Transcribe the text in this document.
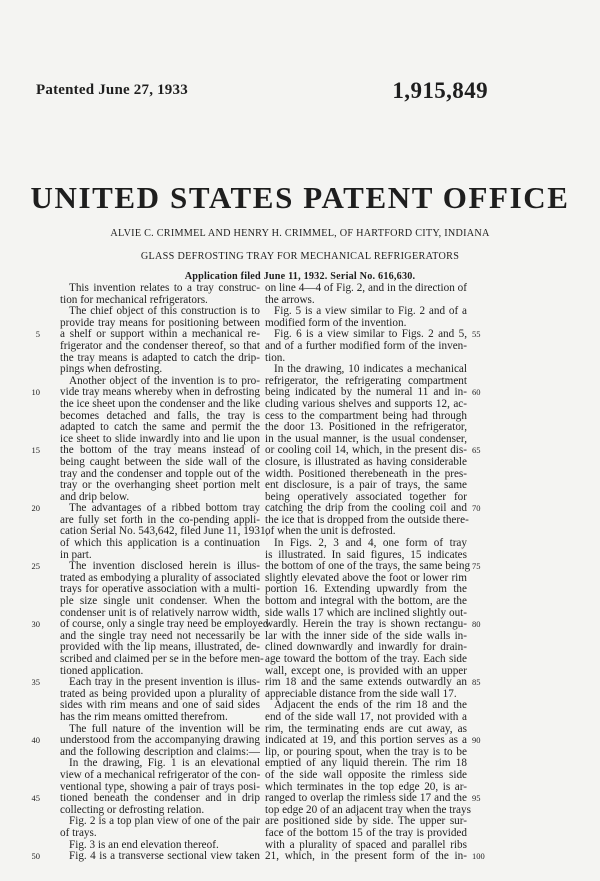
Patented June 27, 1933	1,915,849
UNITED STATES PATENT OFFICE
ALVIE C. CRIMMEL AND HENRY H. CRIMMEL, OF HARTFORD CITY, INDIANA
GLASS DEFROSTING TRAY FOR MECHANICAL REFRIGERATORS
Application filed June 11, 1932. Serial No. 616,630.
This invention relates to a tray construc-
tion for mechanical refrigerators.
The chief object of this construction is to
provide tray means for positioning between
a shelf or support within a mechanical re-
frigerator and the condenser thereof, so that
the tray means is adapted to catch the drip-
pings when defrosting.
Another object of the invention is to pro-
vide tray means whereby when in defrosting
the ice sheet upon the condenser and the like
becomes detached and falls, the tray is
adapted to catch the same and permit the
ice sheet to slide inwardly into and lie upon
the bottom of the tray means instead of
being caught between the side wall of the
tray and the condenser and topple out of the
tray or the overhanging sheet portion melt
and drip below.
The advantages of a ribbed bottom tray
are fully set forth in the co-pending appli-
cation Serial No. 543,642, filed June 11, 1931,
of which this application is a continuation
in part.
The invention disclosed herein is illus-
trated as embodying a plurality of associated
trays for operative association with a multi-
ple size single unit condenser. When the
condenser unit is of relatively narrow width,
of course, only a single tray need be employed
and the single tray need not necessarily be
provided with the lip means, illustrated, de-
scribed and claimed per se in the before men-
tioned application.
Each tray in the present invention is illus-
trated as being provided upon a plurality of
sides with rim means and one of said sides
has the rim means omitted therefrom.
The full nature of the invention will be
understood from the accompanying drawing
and the following description and claims:—
In the drawing, Fig. 1 is an elevational
view of a mechanical refrigerator of the con-
ventional type, showing a pair of trays posi-
tioned beneath the condenser and in drip
collecting or defrosting relation.
Fig. 2 is a top plan view of one of the pair
of trays.
Fig. 3 is an end elevation thereof.
Fig. 4 is a transverse sectional view taken
on line 4—4 of Fig. 2, and in the direction of
the arrows.
Fig. 5 is a view similar to Fig. 2 and of a
modified form of the invention.
Fig. 6 is a view similar to Figs. 2 and 5,
and of a further modified form of the inven-
tion.
In the drawing, 10 indicates a mechanical
refrigerator, the refrigerating compartment
being indicated by the numeral 11 and in-
cluding various shelves and supports 12, ac-
cess to the compartment being had through
the door 13. Positioned in the refrigerator,
in the usual manner, is the usual condenser,
or cooling coil 14, which, in the present dis-
closure, is illustrated as having considerable
width. Positioned therebeneath in the pres-
ent disclosure, is a pair of trays, the same
being operatively associated together for
catching the drip from the cooling coil and
the ice that is dropped from the outside there-
of when the unit is defrosted.
In Figs. 2, 3 and 4, one form of tray
is illustrated. In said figures, 15 indicates
the bottom of one of the trays, the same being
slightly elevated above the foot or lower rim
portion 16. Extending upwardly from the
bottom and integral with the bottom, are the
side walls 17 which are inclined slightly out-
wardly. Herein the tray is shown rectangu-
lar with the inner side of the side walls in-
clined downwardly and inwardly for drain-
age toward the bottom of the tray. Each side
wall, except one, is provided with an upper
rim 18 and the same extends outwardly an
appreciable distance from the side wall 17.
Adjacent the ends of the rim 18 and the
end of the side wall 17, not provided with a
rim, the terminating ends are cut away, as
indicated at 19, and this portion serves as a
lip, or pouring spout, when the tray is to be
emptied of any liquid therein. The rim 18
of the side wall opposite the rimless side
which terminates in the top edge 20, is ar-
ranged to overlap the rimless side 17 and the
top edge 20 of an adjacent tray when the trays
are positioned side by side. The upper sur-
face of the bottom 15 of the tray is provided
with a plurality of spaced and parallel ribs
21, which, in the present form of the in-
5
10
15
20
25
30
35
40
45
50
55
60
65
70
75
80
85
90
95
100
